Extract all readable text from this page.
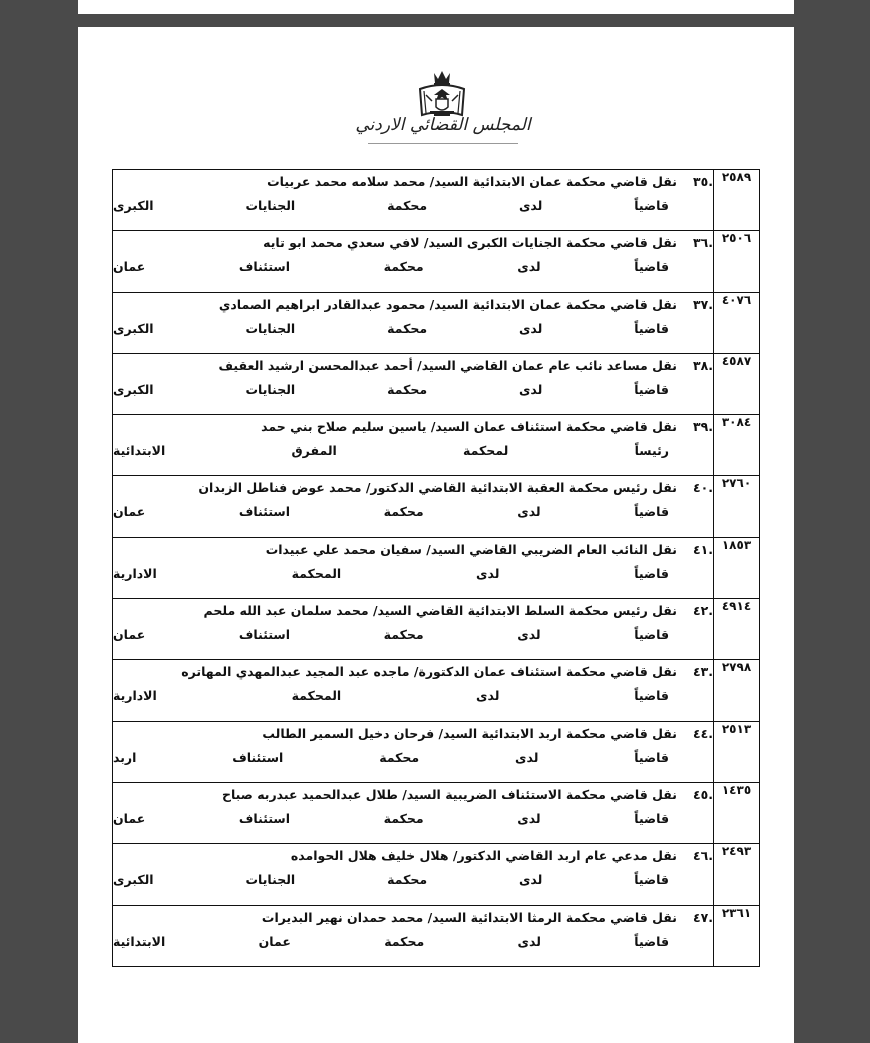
المجلس القضائي الاردني
٢٥٨٩	.٣٥
نقل قاضي محكمة عمان الابتدائية السيد/ محمد سلامه محمد عربيات
قاضياً لدى محكمة الجنايات الكبرى

٢٥٠٦	.٣٦
نقل قاضي محكمة الجنايات الكبرى السيد/ لافي سعدي محمد ابو تايه
قاضياً لدى محكمة استئناف عمان

٤٠٧٦	.٣٧
نقل قاضي محكمة عمان الابتدائية السيد/ محمود عبدالقادر ابراهيم الصمادي
قاضياً لدى محكمة الجنايات الكبرى

٤٥٨٧	.٣٨
نقل مساعد نائب عام عمان القاضي السيد/ أحمد عبدالمحسن ارشيد العقيف
قاضياً لدى محكمة الجنايات الكبرى

٣٠٨٤	.٣٩
نقل قاضي محكمة استئناف عمان السيد/ ياسين سليم صلاح بني حمد
رئيساً لمحكمة المفرق الابتدائية

٢٧٦٠	.٤٠
نقل رئيس محكمة العقبة الابتدائية القاضي الدكتور/ محمد عوض فناطل الزبدان
قاضياً لدى محكمة استئناف عمان

١٨٥٣	.٤١
نقل النائب العام الضريبي القاضي السيد/ سفيان محمد علي عبيدات
قاضياً لدى المحكمة الادارية

٤٩١٤	.٤٢
نقل رئيس محكمة السلط الابتدائية القاضي السيد/ محمد سلمان عبد الله ملحم
قاضياً لدى محكمة استئناف عمان

٢٧٩٨	.٤٣
نقل قاضي محكمة استئناف عمان الدكتورة/ ماجده عبد المجيد عبدالمهدي المهاتره
قاضياً لدى المحكمة الادارية

٢٥١٣	.٤٤
نقل قاضي محكمة اربد الابتدائية السيد/ فرحان دخيل السمير الطالب
قاضياً لدى محكمة استئناف اربد

١٤٣٥	.٤٥
نقل قاضي محكمة الاستئناف الضريبية السيد/ طلال عبدالحميد عبدربه صباح
قاضياً لدى محكمة استئناف عمان

٢٤٩٣	.٤٦
نقل مدعي عام اربد القاضي الدكتور/ هلال خليف هلال الحوامده
قاضياً لدى محكمة الجنايات الكبرى

٢٣٦١	.٤٧
نقل قاضي محكمة الرمثا الابتدائية السيد/ محمد حمدان نهير البديرات
قاضياً لدى محكمة عمان الابتدائية
